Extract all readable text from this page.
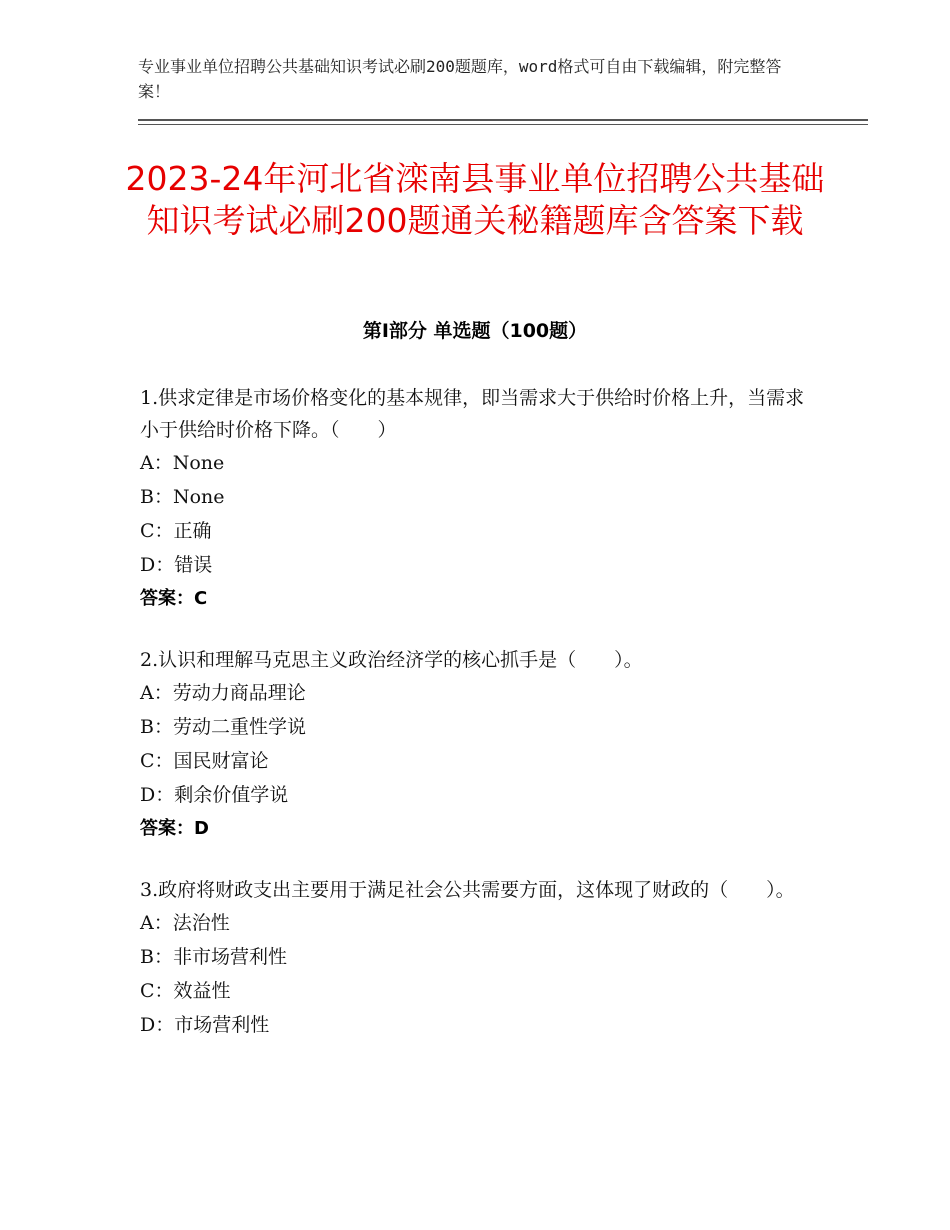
专业事业单位招聘公共基础知识考试必刷200题题库，word格式可自由下载编辑，附完整答案！
2023-24年河北省滦南县事业单位招聘公共基础知识考试必刷200题通关秘籍题库含答案下载
第Ⅰ部分 单选题（100题）

1.供求定律是市场价格变化的基本规律，即当需求大于供给时价格上升，当需求小于供给时价格下降。（　　）

A：None
B：None
C：正确
D：错误
答案：C

2.认识和理解马克思主义政治经济学的核心抓手是（　　）。

A：劳动力商品理论
B：劳动二重性学说
C：国民财富论
D：剩余价值学说
答案：D

3.政府将财政支出主要用于满足社会公共需要方面，这体现了财政的（　　）。

A：法治性
B：非市场营利性
C：效益性
D：市场营利性
